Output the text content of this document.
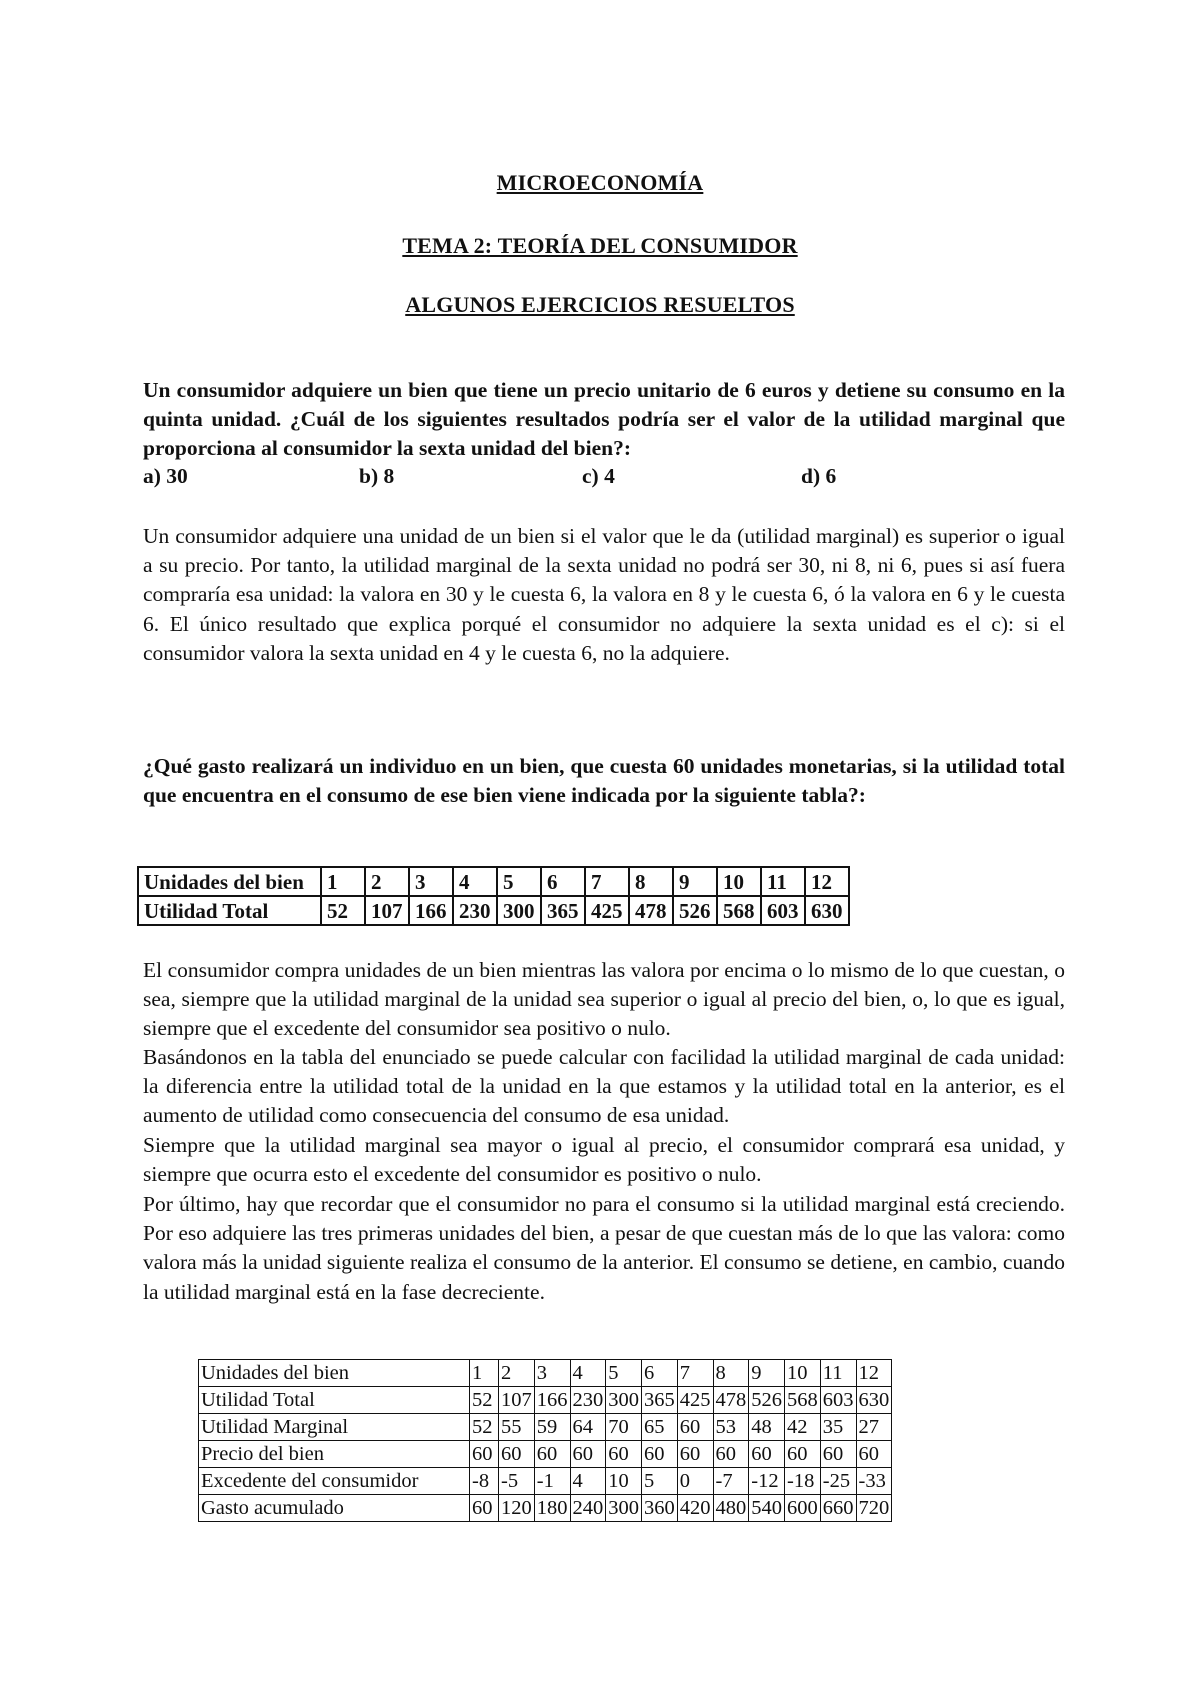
MICROECONOMÍA
TEMA 2: TEORÍA DEL CONSUMIDOR
ALGUNOS EJERCICIOS RESUELTOS
Un consumidor adquiere un bien que tiene un precio unitario de 6 euros y detiene su consumo en la quinta unidad. ¿Cuál de los siguientes resultados podría ser el valor de la utilidad marginal que proporciona al consumidor la sexta unidad del bien?:
a) 30	b) 8	c) 4	d) 6
Un consumidor adquiere una unidad de un bien si el valor que le da (utilidad marginal) es superior o igual a su precio. Por tanto, la utilidad marginal de la sexta unidad no podrá ser 30, ni 8, ni 6, pues si así fuera compraría esa unidad: la valora en 30 y le cuesta 6, la valora en 8 y le cuesta 6, ó la valora en 6 y le cuesta 6. El único resultado que explica porqué el consumidor no adquiere la sexta unidad es el c): si el consumidor valora la sexta unidad en 4 y le cuesta 6, no la adquiere.
¿Qué gasto realizará un individuo en un bien, que cuesta 60 unidades monetarias, si la utilidad total que encuentra en el consumo de ese bien viene indicada por la siguiente tabla?:
Unidades del bien	1	2	3	4	5	6	7	8	9	10	11	12
Utilidad Total	52	107	166	230	300	365	425	478	526	568	603	630
El consumidor compra unidades de un bien mientras las valora por encima o lo mismo de lo que cuestan, o sea, siempre que la utilidad marginal de la unidad sea superior o igual al precio del bien, o, lo que es igual, siempre que el excedente del consumidor sea positivo o nulo.
Basándonos en la tabla del enunciado se puede calcular con facilidad la utilidad marginal de cada unidad: la diferencia entre la utilidad total de la unidad en la que estamos y la utilidad total en la anterior, es el aumento de utilidad como consecuencia del consumo de esa unidad.
Siempre que la utilidad marginal sea mayor o igual al precio, el consumidor comprará esa unidad, y siempre que ocurra esto el excedente del consumidor es positivo o nulo.
Por último, hay que recordar que el consumidor no para el consumo si la utilidad marginal está creciendo. Por eso adquiere las tres primeras unidades del bien, a pesar de que cuestan más de lo que las valora: como valora más la unidad siguiente realiza el consumo de la anterior. El consumo se detiene, en cambio, cuando la utilidad marginal está en la fase decreciente.
Unidades del bien	1	2	3	4	5	6	7	8	9	10	11	12
Utilidad Total	52	107	166	230	300	365	425	478	526	568	603	630
Utilidad Marginal	52	55	59	64	70	65	60	53	48	42	35	27
Precio del bien	60	60	60	60	60	60	60	60	60	60	60	60
Excedente del consumidor	-8	-5	-1	4	10	5	0	-7	-12	-18	-25	-33
Gasto acumulado	60	120	180	240	300	360	420	480	540	600	660	720
